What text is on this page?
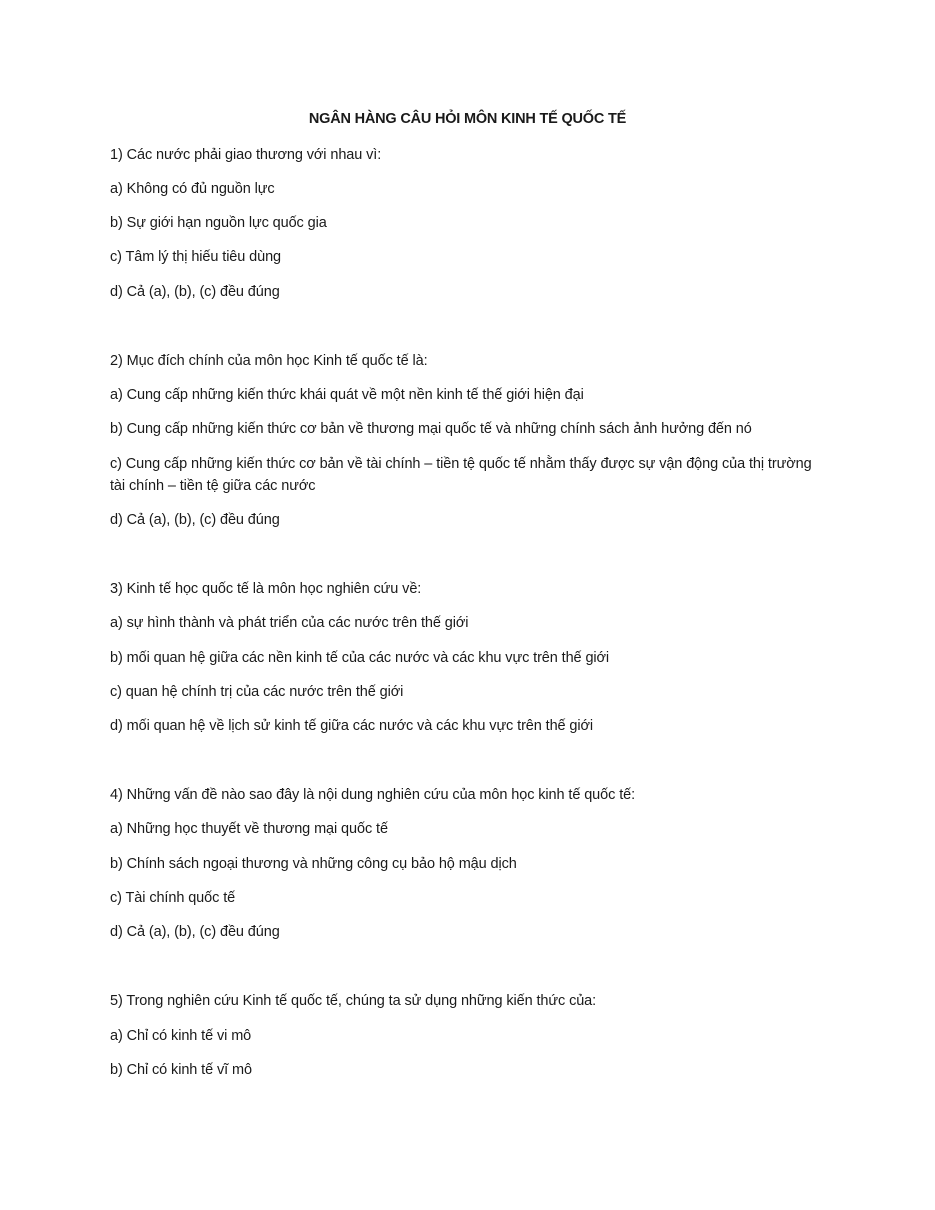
NGÂN HÀNG CÂU HỎI MÔN KINH TẾ QUỐC TẾ
1) Các nước phải giao thương với nhau vì:
a) Không có đủ nguồn lực
b) Sự giới hạn nguồn lực quốc gia
c) Tâm lý thị hiếu tiêu dùng
d) Cả (a), (b), (c) đều đúng
2) Mục đích chính của môn học Kinh tế quốc tế là:
a) Cung cấp những kiến thức khái quát về một nền kinh tế thế giới hiện đại
b) Cung cấp những kiến thức cơ bản về thương mại quốc tế và những chính sách ảnh hưởng đến nó
c) Cung cấp những kiến thức cơ bản về tài chính – tiền tệ quốc tế nhằm thấy được sự vận động của thị trường tài chính – tiền tệ giữa các nước
d) Cả (a), (b), (c) đều đúng
3) Kinh tế học quốc tế là môn học nghiên cứu về:
a) sự hình thành và phát triển của các nước trên thế giới
b) mối quan hệ giữa các nền kinh tế của các nước và các khu vực trên thế giới
c) quan hệ chính trị của các nước trên thế giới
d) mối quan hệ về lịch sử kinh tế giữa các nước và các khu vực trên thế giới
4) Những vấn đề nào sao đây là nội dung nghiên cứu của môn học kinh tế quốc tế:
a) Những học thuyết về thương mại quốc tế
b) Chính sách ngoại thương và những công cụ bảo hộ mậu dịch
c) Tài chính quốc tế
d) Cả (a), (b), (c) đều đúng
5) Trong nghiên cứu Kinh tế quốc tế, chúng ta sử dụng những kiến thức của:
a) Chỉ có kinh tế vi mô
b) Chỉ có kinh tế vĩ mô
